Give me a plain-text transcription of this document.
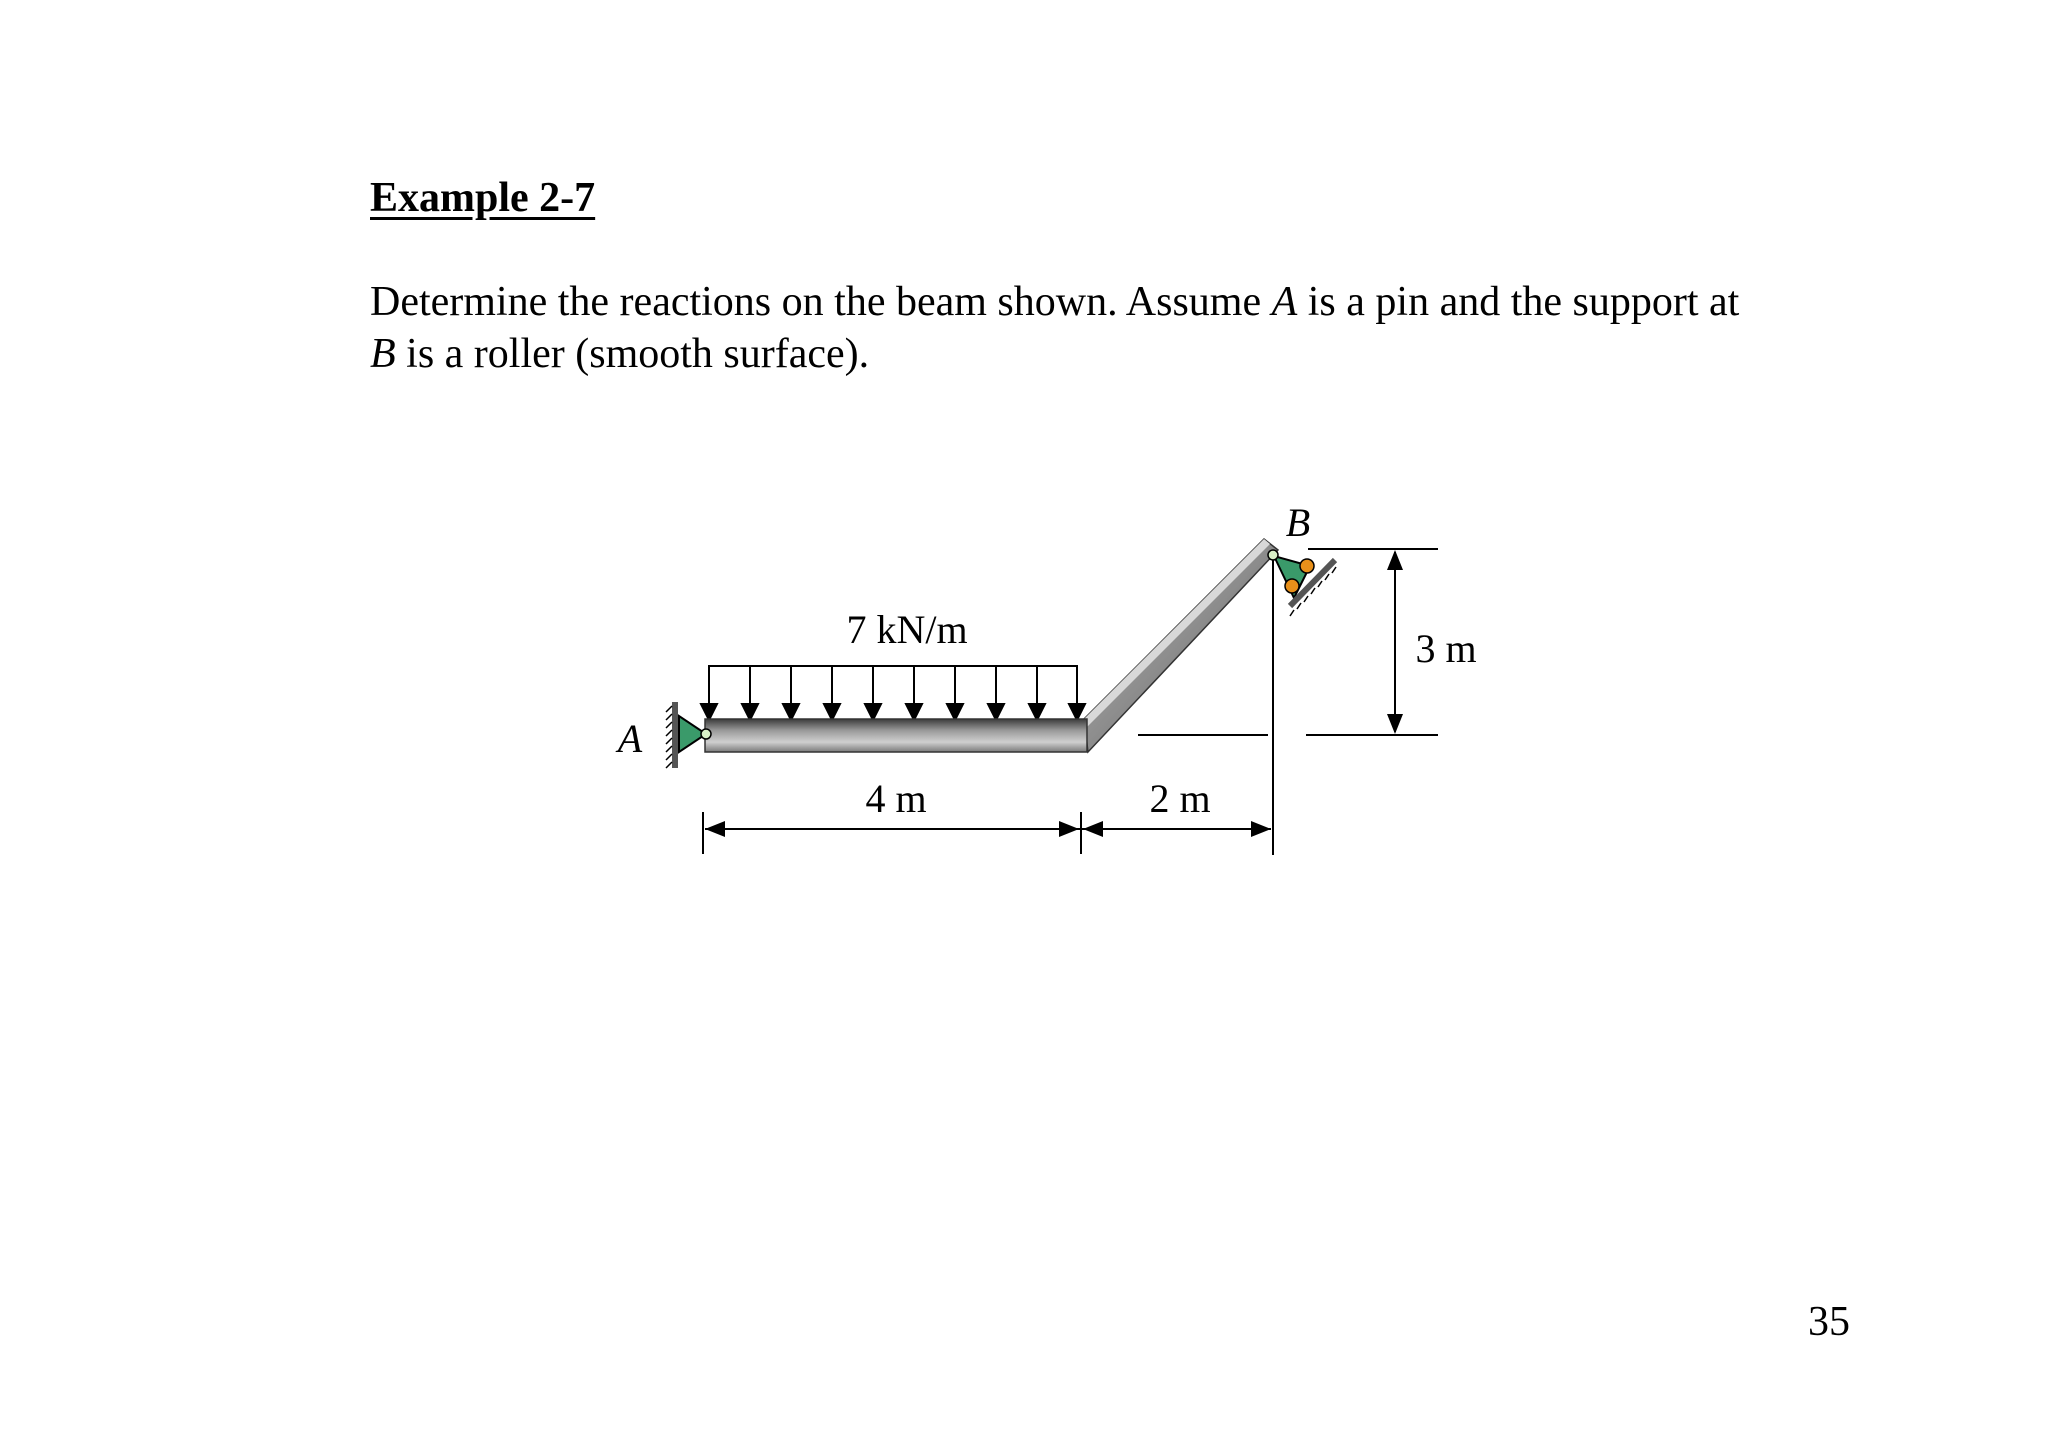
Example 2-7
Determine the reactions on the beam shown. Assume A is a pin and the support at
B is a roller (smooth surface).
7 kN/m
A
B
3 m
4 m	2 m
35
